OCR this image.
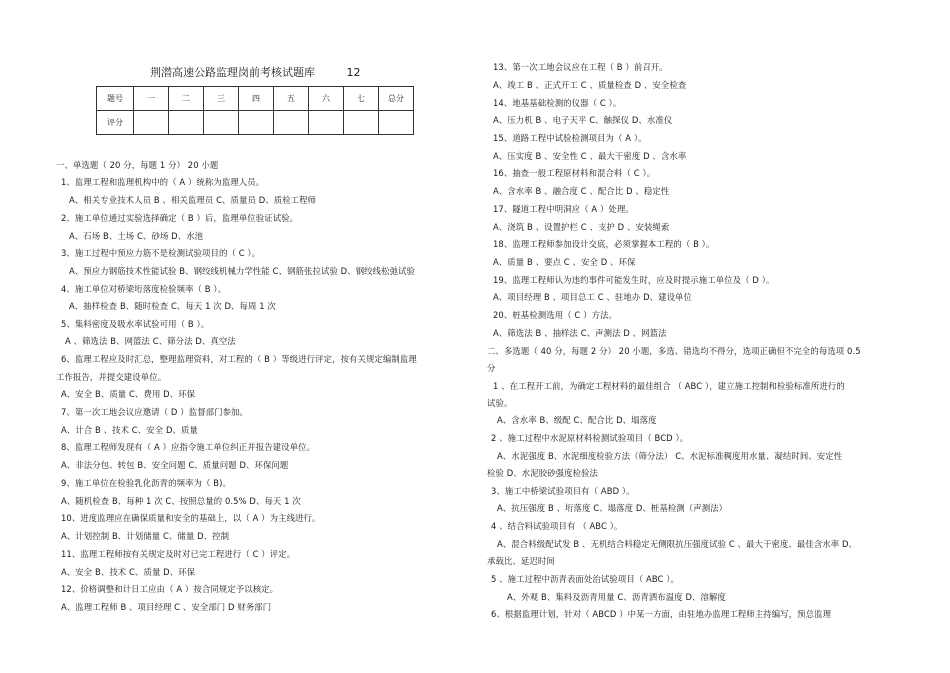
荆潜高速公路监理岗前考核试题库	12
题号	一	二	三	四	五	六	七	总分
评分								
一、单选题（ 20 分，每题 1 分） 20 小题
1、监理工程和监理机构中的（ A ）统称为监理人员。
A、相关专业技术人员 B 、相关监理员 C、质量员 D、质检工程师
2、施工单位通过实验选择确定（ B ）后，监理单位验证试验。
A、石场 B、土场 C、砂场 D、水池
3、施工过程中预应力筋不是检测试验项目的（ C ）。
A、预应力钢筋技术性能试验 B、钢绞线机械力学性能 C、钢筋张拉试验 D、钢绞线松弛试验
4、施工单位对桥梁垳落度检验频率（ B ）。
A、抽样检查 B、随时检查 C、每天 1 次 D、每周 1 次
5、集料密度及吸水率试验可用（ B ）。
A 、筛选法 B、网篮法 C、筛分法 D、真空法
6、监理工程应及时汇总，整理监理资料，对工程的（ B ）等级进行评定，按有关规定编制监理
工作报告，并提交建设单位。
A、安全 B、质量 C、费用 D、环保
7、第一次工地会议应邀请（ D ）监督部门参加。
A、计合 B 、技术 C、安全 D、质量
8、监理工程师发现有（ A ）应指令施工单位纠正并报告建设单位。
A、非法分包、转包 B、安全问题 C、质量问题 D、环保问题
9、施工单位在检验乳化沥青的频率为（ B)。
A、随机检查 B、每种 1 次 C、按照总量的 0.5% D、每天 1 次
10、进度监理应在确保质量和安全的基础上，以（ A ）为主线进行。
A、计划控制 B、计划储量 C、储量 D、控制
11、监理工程师按有关规定及时对已完工程进行（ C ）评定。
A、安全 B、技术 C、质量 D、环保
12、价格调整和计日工应由（ A ）按合同规定予以核定。
A、监理工程师 B 、项目经理 C 、安全部门 D 财务部门
13、第一次工地会议应在工程（ B ）前召开。
A、竣工 B 、正式开工 C 、质量检查 D 、安全检查
14、地基基础检测的仪器（ C ）。
A、压力机 B 、电子天平 C、触探仪 D、水准仪
15、道路工程中试验检测项目为（ A ）。
A、压实度 B 、安全性 C 、最大干密度 D 、含水率
16、抽查一般工程原材料和混合料（ C ）。
A、含水率 B 、融合度 C 、配合比 D 、稳定性
17、隧道工程中明洞应（ A ）处理。
A、浇筑 B 、设置护栏 C 、支护 D 、安装绳索
18、监理工程师参加设计交底，必须掌握本工程的（ B ）。
A、质量 B 、要点 C 、安全 D 、环保
19、监理工程师认为违约事件可能发生时，应及时提示施工单位及（ D ）。
A、项目经理 B 、项目总工 C 、驻地办 D、建设单位
20、桩基检测选用（ C ）方法。
A、筛选法 B 、抽样法 C、声测法 D 、网篮法
二、多选题（ 40 分，每题 2 分） 20 小题，多选、错选均不得分，选项正确但不完全的每选项 0.5
分
1 、在工程开工前，为确定工程材料的最佳组合 （ ABC ），建立施工控制和检验标准所进行的
试验。
A、含水率 B、级配 C、配合比 D、塌落度
2 、施工过程中水泥原材料检测试验项目（ BCD ）。
A、水泥强度 B、水泥细度检验方法（筛分法） C、水泥标准稠度用水量、凝结时间、安定性
检验 D、水泥胶砂强度检验法
3、施工中桥梁试验项目有（ ABD ）。
A、抗压强度 B 、垳落度 C、塌落度 D、桩基检测（声测法）
4 、结合料试验项目有 （ ABC ）。
A、混合料级配试发 B 、无机结合料稳定无侧限抗压强度试验 C 、最大干密度、最佳含水率 D、
承载比、延迟时间
5 、施工过程中沥青表面处治试验项目（ ABC ）。
A、外观 B、集料及沥青用量 C、沥青洒布温度 D、溶解度
6、根据监理计划，针对（ ABCD ）中某一方面，由驻地办监理工程师主持编写，预总监理
